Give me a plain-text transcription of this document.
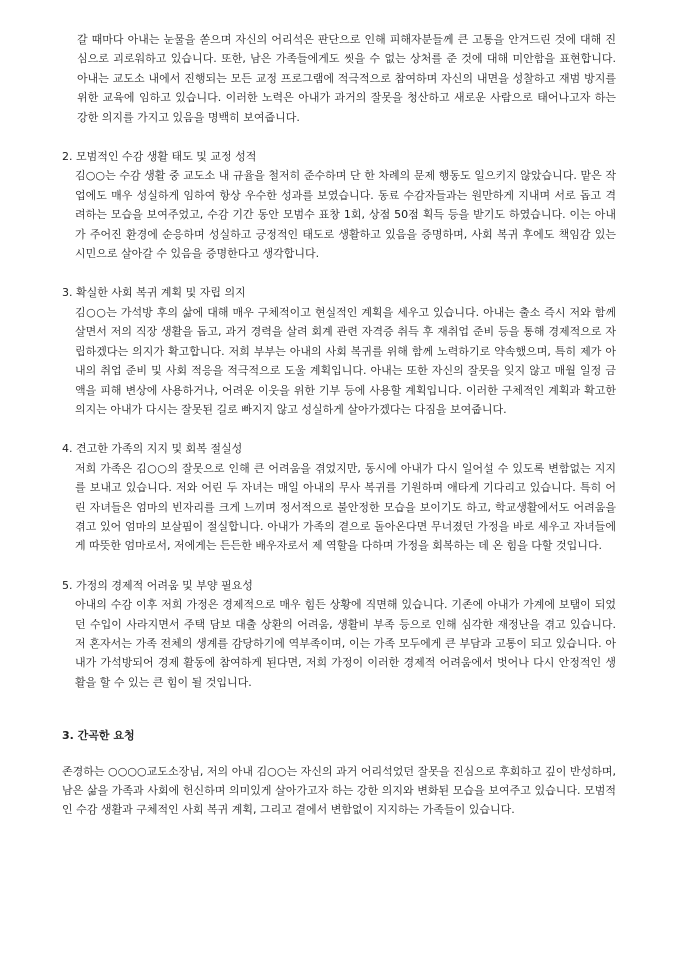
갈 때마다 아내는 눈물을 쏟으며 자신의 어리석은 판단으로 인해 피해자분들께 큰 고통을 안겨드린 것에 대해 진심으로 괴로워하고 있습니다. 또한, 남은 가족들에게도 씻을 수 없는 상처를 준 것에 대해 미안함을 표현합니다. 아내는 교도소 내에서 진행되는 모든 교정 프로그램에 적극적으로 참여하며 자신의 내면을 성찰하고 재범 방지를 위한 교육에 임하고 있습니다. 이러한 노력은 아내가 과거의 잘못을 청산하고 새로운 사람으로 태어나고자 하는 강한 의지를 가지고 있음을 명백히 보여줍니다.

2. 모범적인 수감 생활 태도 및 교정 성적

김○○는 수감 생활 중 교도소 내 규율을 철저히 준수하며 단 한 차례의 문제 행동도 일으키지 않았습니다. 맡은 작업에도 매우 성실하게 임하여 항상 우수한 성과를 보였습니다. 동료 수감자들과는 원만하게 지내며 서로 돕고 격려하는 모습을 보여주었고, 수감 기간 동안 모범수 표창 1회, 상점 50점 획득 등을 받기도 하였습니다. 이는 아내가 주어진 환경에 순응하며 성실하고 긍정적인 태도로 생활하고 있음을 증명하며, 사회 복귀 후에도 책임감 있는 시민으로 살아갈 수 있음을 증명한다고 생각합니다.

3. 확실한 사회 복귀 계획 및 자립 의지

김○○는 가석방 후의 삶에 대해 매우 구체적이고 현실적인 계획을 세우고 있습니다. 아내는 출소 즉시 저와 함께 살면서 저의 직장 생활을 돕고, 과거 경력을 살려 회계 관련 자격증 취득 후 재취업 준비 등을 통해 경제적으로 자립하겠다는 의지가 확고합니다. 저희 부부는 아내의 사회 복귀를 위해 함께 노력하기로 약속했으며, 특히 제가 아내의 취업 준비 및 사회 적응을 적극적으로 도울 계획입니다. 아내는 또한 자신의 잘못을 잊지 않고 매월 일정 금액을 피해 변상에 사용하거나, 어려운 이웃을 위한 기부 등에 사용할 계획입니다. 이러한 구체적인 계획과 확고한 의지는 아내가 다시는 잘못된 길로 빠지지 않고 성실하게 살아가겠다는 다짐을 보여줍니다.

4. 견고한 가족의 지지 및 회복 절실성

저희 가족은 김○○의 잘못으로 인해 큰 어려움을 겪었지만, 동시에 아내가 다시 일어설 수 있도록 변함없는 지지를 보내고 있습니다. 저와 어린 두 자녀는 매일 아내의 무사 복귀를 기원하며 애타게 기다리고 있습니다. 특히 어린 자녀들은 엄마의 빈자리를 크게 느끼며 정서적으로 불안정한 모습을 보이기도 하고, 학교생활에서도 어려움을 겪고 있어 엄마의 보살핌이 절실합니다. 아내가 가족의 곁으로 돌아온다면 무너졌던 가정을 바로 세우고 자녀들에게 따뜻한 엄마로서, 저에게는 든든한 배우자로서 제 역할을 다하며 가정을 회복하는 데 온 힘을 다할 것입니다.

5. 가정의 경제적 어려움 및 부양 필요성

아내의 수감 이후 저희 가정은 경제적으로 매우 힘든 상황에 직면해 있습니다. 기존에 아내가 가계에 보탬이 되었던 수입이 사라지면서 주택 담보 대출 상환의 어려움, 생활비 부족 등으로 인해 심각한 재정난을 겪고 있습니다. 저 혼자서는 가족 전체의 생계를 감당하기에 역부족이며, 이는 가족 모두에게 큰 부담과 고통이 되고 있습니다. 아내가 가석방되어 경제 활동에 참여하게 된다면, 저희 가정이 이러한 경제적 어려움에서 벗어나 다시 안정적인 생활을 할 수 있는 큰 힘이 될 것입니다.

3. 간곡한 요청

존경하는 ○○○○교도소장님, 저의 아내 김○○는 자신의 과거 어리석었던 잘못을 진심으로 후회하고 깊이 반성하며, 남은 삶을 가족과 사회에 헌신하며 의미있게 살아가고자 하는 강한 의지와 변화된 모습을 보여주고 있습니다. 모범적인 수감 생활과 구체적인 사회 복귀 계획, 그리고 곁에서 변함없이 지지하는 가족들이 있습니다.
